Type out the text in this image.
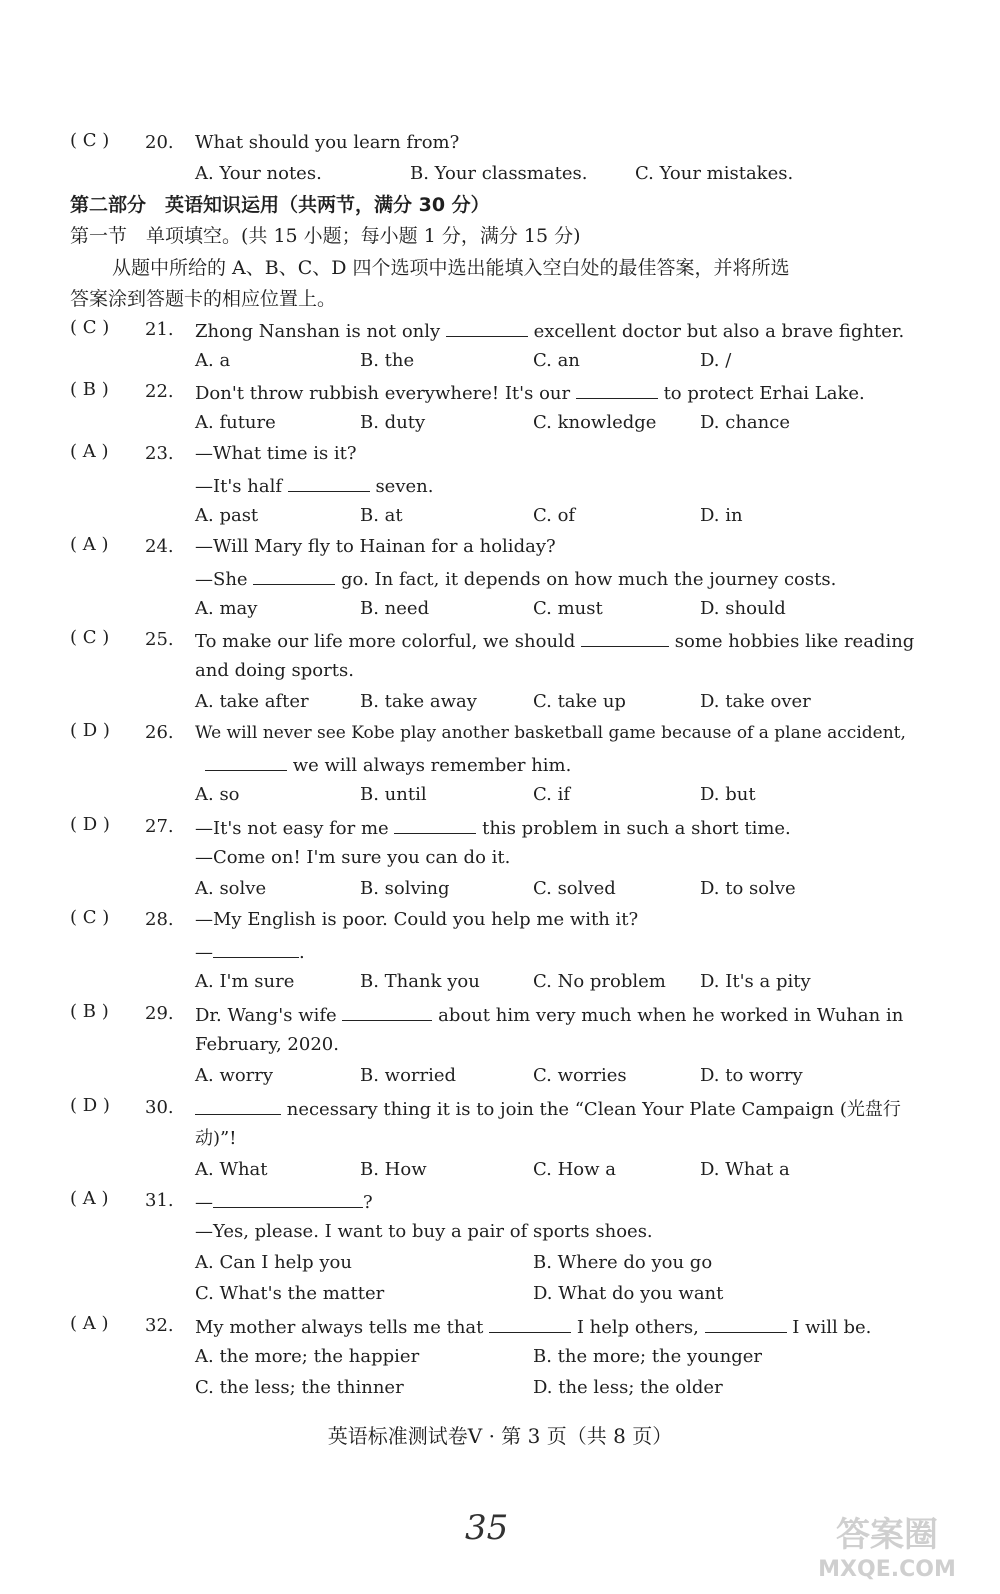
( C ) 20. What should you learn from?
A. Your notes.	B. Your classmates.	C. Your mistakes.
第二部分　英语知识运用（共两节，满分 30 分）
第一节　单项填空。(共 15 小题；每小题 1 分，满分 15 分)
从题中所给的 A、B、C、D 四个选项中选出能填入空白处的最佳答案，并将所选
答案涂到答题卡的相应位置上。
( C ) 21. Zhong Nanshan is not only	excellent doctor but also a brave fighter.
A. a	B. the	C. an	D. /
( B ) 22. Don't throw rubbish everywhere! It's our	to protect Erhai Lake.
A. future	B. duty	C. knowledge D. chance
( A ) 23. —What time is it?
—It's half	seven.
A. past	B. at	C. of	D. in
( A ) 24. —Will Mary fly to Hainan for a holiday?
—She	go. In fact, it depends on how much the journey costs.
A. may	B. need	C. must	D. should
( C ) 25. To make our life more colorful, we should	some hobbies like reading
and doing sports.
A. take after	B. take away	C. take up	D. take over
( D ) 26. We will never see Kobe play another basketball game because of a plane accident,
we will always remember him.
A. so	B. until	C. if	D. but
( D ) 27. —It's not easy for me	this problem in such a short time.
—Come on! I'm sure you can do it.
A. solve	B. solving	C. solved	D. to solve
( C ) 28. —My English is poor. Could you help me with it?
—	.
A. I'm sure	B. Thank you	C. No problem D. It's a pity
( B ) 29. Dr. Wang's wife	about him very much when he worked in Wuhan in
February, 2020.
A. worry	B. worried	C. worries	D. to worry
( D ) 30.	necessary thing it is to join the “Clean Your Plate Campaign (光盘行
动)”!
A. What	B. How	C. How a	D. What a
( A ) 31. —	?
—Yes, please. I want to buy a pair of sports shoes.
A. Can I help you	B. Where do you go
C. What's the matter	D. What do you want
( A ) 32. My mother always tells me that	I help others,	I will be.
A. the more; the happier	B. the more; the younger
C. the less; the thinner	D. the less; the older
英语标准测试卷Ⅴ · 第 3 页（共 8 页）
35	答案圈
MXQE.COM
